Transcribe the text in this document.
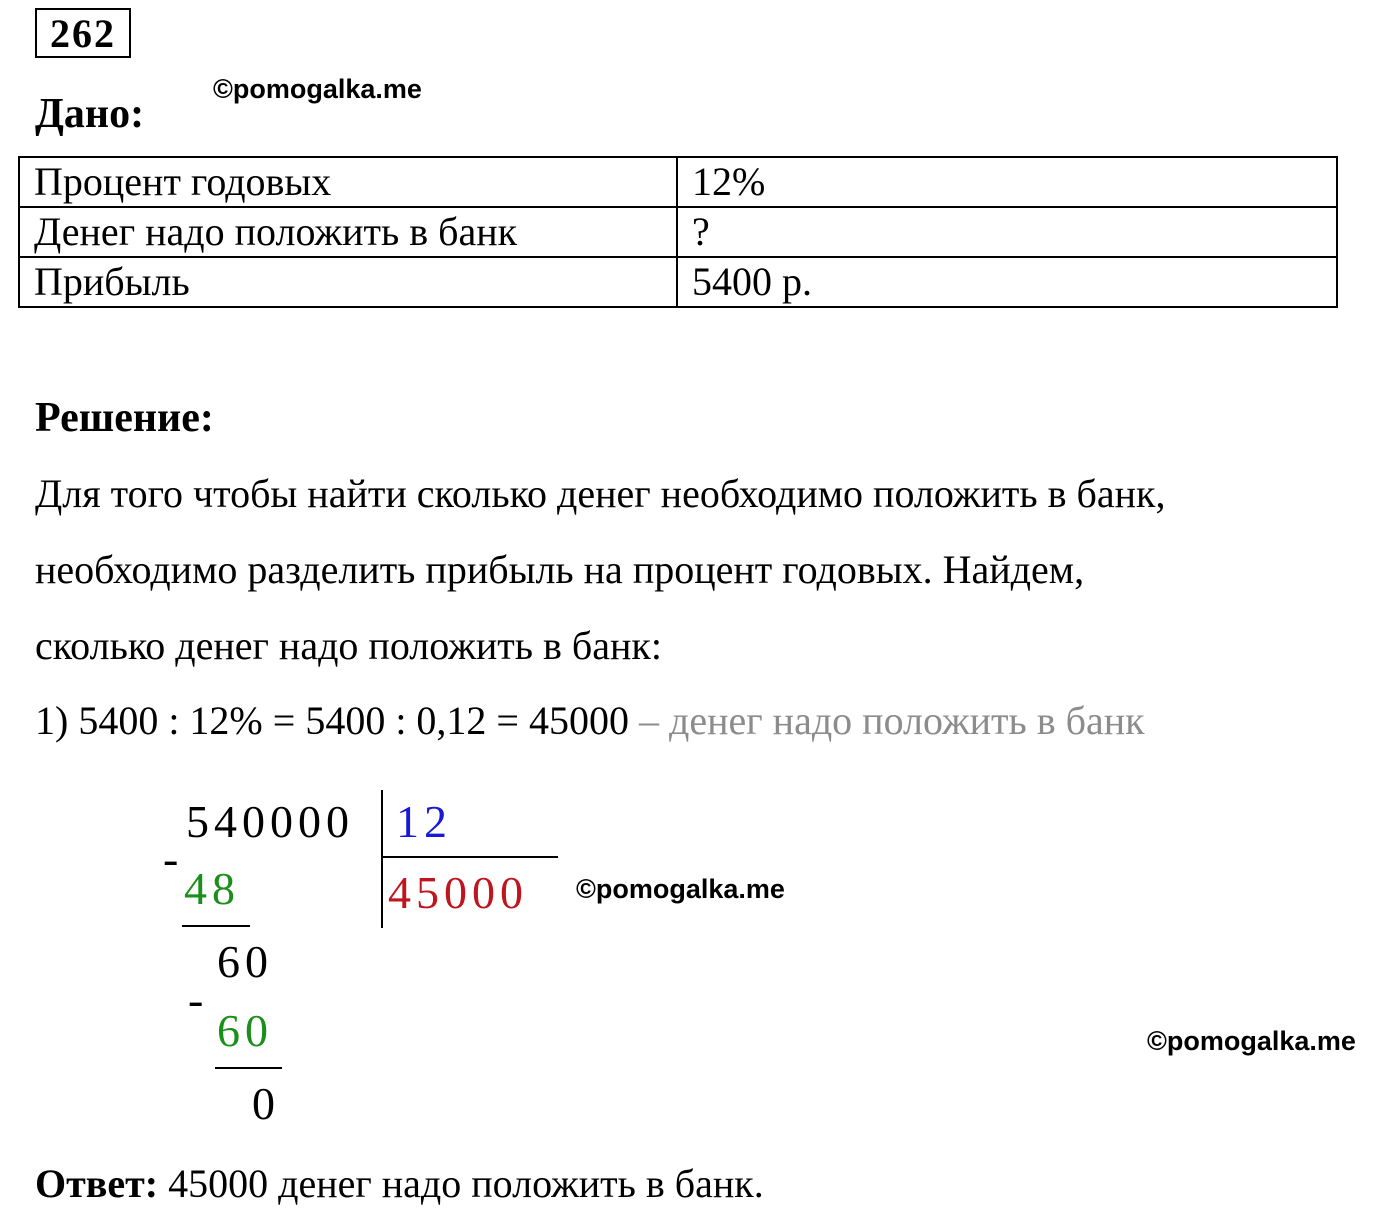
262
©pomogalka.me
Дано:
Процент годовых	12%
Денег надо положить в банк	?
Прибыль	5400 р.
Решение:
Для того чтобы найти сколько денег необходимо положить в банк,
необходимо разделить прибыль на процент годовых. Найдем,
сколько денег надо положить в банк:
1) 5400 : 12% = 5400 : 0,12 = 45000 – денег надо положить в банк
540000 12
45000 ©pomogalka.me
-
48
60
-
60
0
©pomogalka.me
Ответ: 45000 денег надо положить в банк.
